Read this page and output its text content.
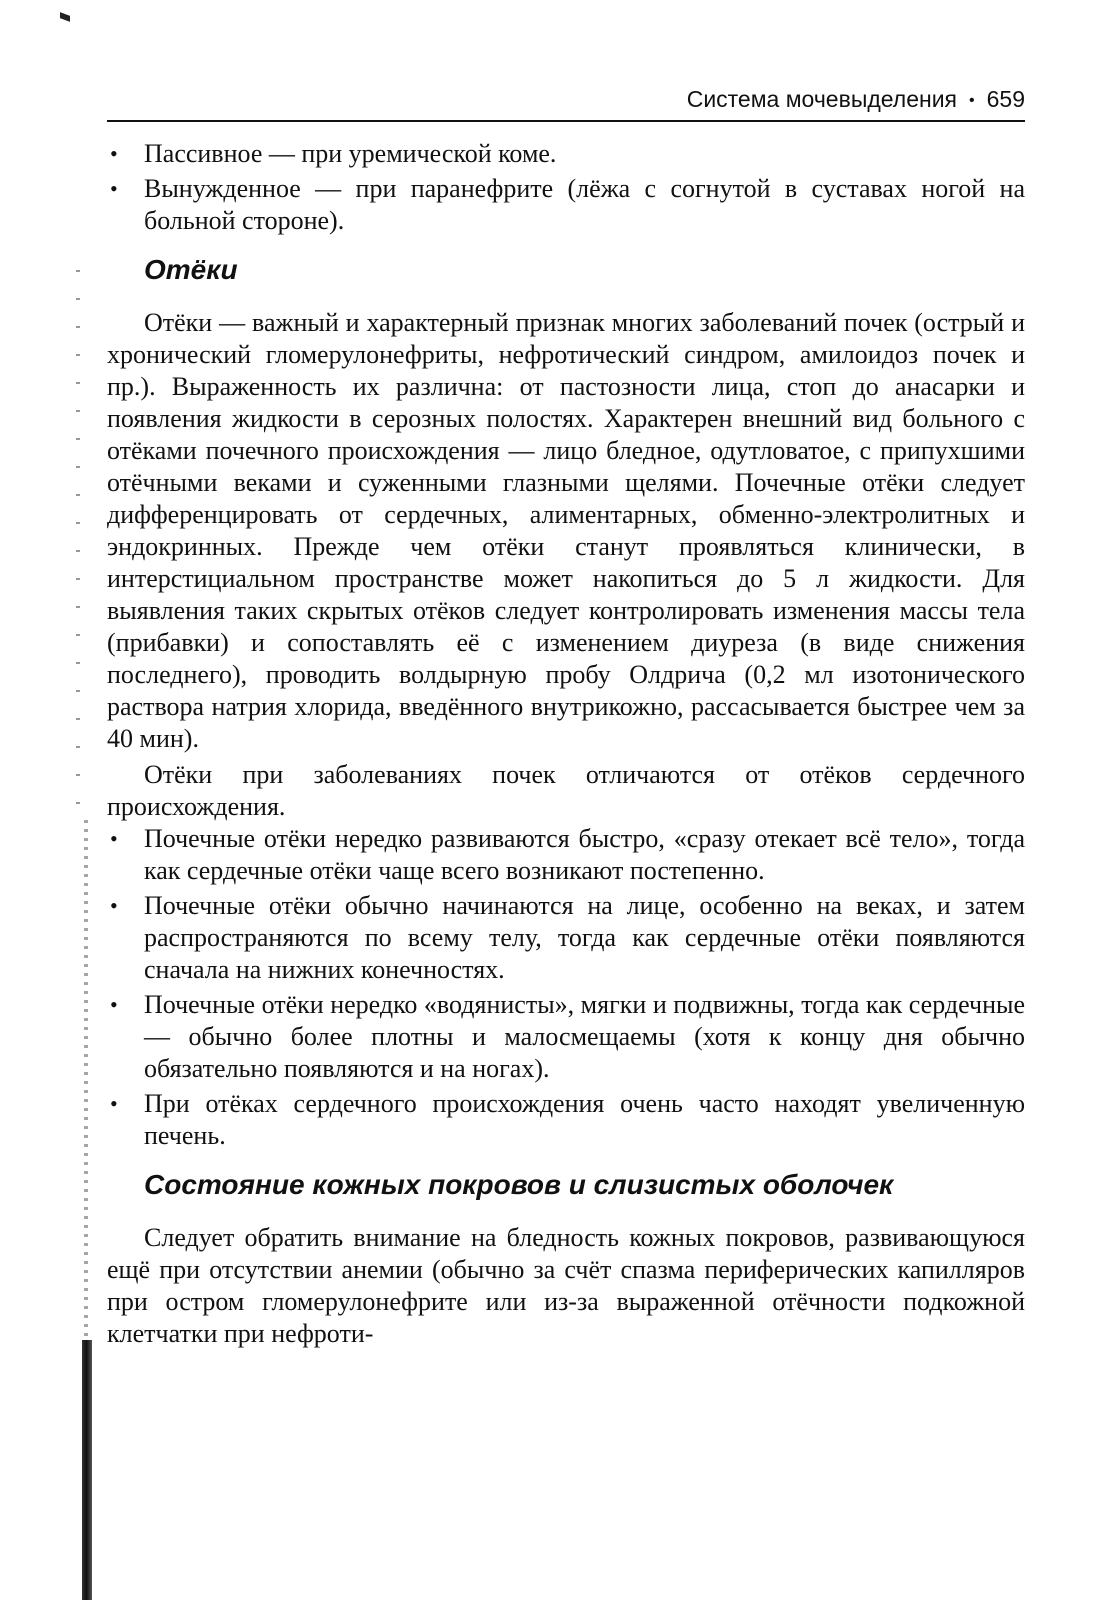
Система мочевыделения • 659
• Пассивное — при уремической коме.
• Вынужденное — при паранефрите (лёжа с согнутой в суставах ногой на больной стороне).
Отёки

Отёки — важный и характерный признак многих заболеваний почек (острый и хронический гломерулонефриты, нефротический синдром, амилоидоз почек и пр.). Выраженность их различна: от пастозности лица, стоп до анасарки и появления жидкости в серозных полостях. Характерен внешний вид больного с отёками почечного происхождения — лицо бледное, одутловатое, с припухшими отёчными веками и суженными глазными щелями. Почечные отёки следует дифференцировать от сердечных, алиментарных, обменно-электролитных и эндокринных. Прежде чем отёки станут проявляться клинически, в интерстициальном пространстве может накопиться до 5 л жидкости. Для выявления таких скрытых отёков следует контролировать изменения массы тела (прибавки) и сопоставлять её с изменением диуреза (в виде снижения последнего), проводить волдырную пробу Олдрича (0,2 мл изотонического раствора натрия хлорида, введённого внутрикожно, рассасывается быстрее чем за 40 мин).

Отёки при заболеваниях почек отличаются от отёков сердечного происхождения.

• Почечные отёки нередко развиваются быстро, «сразу отекает всё тело», тогда как сердечные отёки чаще всего возникают постепенно.
• Почечные отёки обычно начинаются на лице, особенно на веках, и затем распространяются по всему телу, тогда как сердечные отёки появляются сначала на нижних конечностях.
• Почечные отёки нередко «водянисты», мягки и подвижны, тогда как сердечные — обычно более плотны и малосмещаемы (хотя к концу дня обычно обязательно появляются и на ногах).
• При отёках сердечного происхождения очень часто находят увеличенную печень.
Состояние кожных покровов и слизистых оболочек

Следует обратить внимание на бледность кожных покровов, развивающуюся ещё при отсутствии анемии (обычно за счёт спазма периферических капилляров при остром гломерулонефрите или из-за выраженной отёчности подкожной клетчатки при нефроти-
